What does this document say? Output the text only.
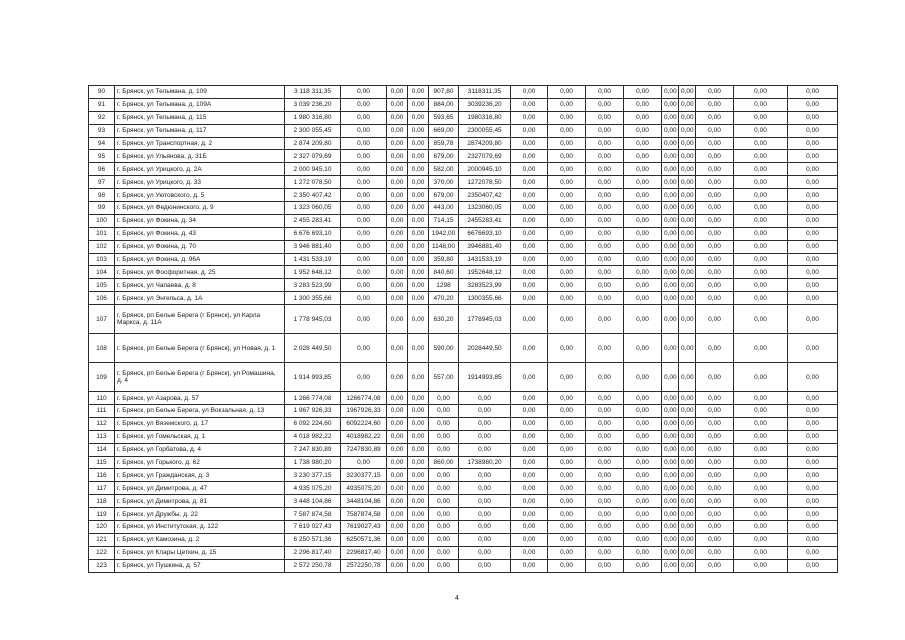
90	г. Брянск, ул Тельмана, д. 109	3 118 311,35	0,00	0,00	0,00	907,80	3118311,35	0,00	0,00	0,00	0,00	0,00	0,00	0,00	0,00	0,00
91	г. Брянск, ул Тельмана, д. 109А	3 039 236,20	0,00	0,00	0,00	884,00	3039236,20	0,00	0,00	0,00	0,00	0,00	0,00	0,00	0,00	0,00
92	г. Брянск, ул Тельмана, д. 115	1 980 316,80	0,00	0,00	0,00	593,65	1980316,80	0,00	0,00	0,00	0,00	0,00	0,00	0,00	0,00	0,00
93	г. Брянск, ул Тельмана, д. 117	2 300 055,45	0,00	0,00	0,00	669,00	2300055,45	0,00	0,00	0,00	0,00	0,00	0,00	0,00	0,00	0,00
94	г. Брянск, ул Транспортная, д. 2	2 874 209,80	0,00	0,00	0,00	859,78	2874209,80	0,00	0,00	0,00	0,00	0,00	0,00	0,00	0,00	0,00
95	г. Брянск, ул Ульянова, д. 31Б	2 327 079,69	0,00	0,00	0,00	679,00	2327079,69	0,00	0,00	0,00	0,00	0,00	0,00	0,00	0,00	0,00
96	г. Брянск, ул Урицкого, д. 2А	2 000 945,10	0,00	0,00	0,00	582,00	2000945,10	0,00	0,00	0,00	0,00	0,00	0,00	0,00	0,00	0,00
97	г. Брянск, ул Урицкого, д. 33	1 272 078,50	0,00	0,00	0,00	370,00	1272078,50	0,00	0,00	0,00	0,00	0,00	0,00	0,00	0,00	0,00
98	г. Брянск, ул Уютовского, д. 5	2 350 407,42	0,00	0,00	0,00	679,00	2350407,42	0,00	0,00	0,00	0,00	0,00	0,00	0,00	0,00	0,00
99	г. Брянск, ул Федюнинского, д. 9	1 323 060,05	0,00	0,00	0,00	443,00	1323060,05	0,00	0,00	0,00	0,00	0,00	0,00	0,00	0,00	0,00
100	г. Брянск, ул Фокина, д. 34	2 455 283,41	0,00	0,00	0,00	714,15	2455283,41	0,00	0,00	0,00	0,00	0,00	0,00	0,00	0,00	0,00
101	г. Брянск, ул Фокина, д. 43	6 676 693,10	0,00	0,00	0,00	1942,00	6676693,10	0,00	0,00	0,00	0,00	0,00	0,00	0,00	0,00	0,00
102	г. Брянск, ул Фокина, д. 70	3 946 881,40	0,00	0,00	0,00	1148,00	3946881,40	0,00	0,00	0,00	0,00	0,00	0,00	0,00	0,00	0,00
103	г. Брянск, ул Фокина, д. 96А	1 431 533,19	0,00	0,00	0,00	359,80	1431533,19	0,00	0,00	0,00	0,00	0,00	0,00	0,00	0,00	0,00
104	г. Брянск, ул Фосфоритная, д. 25	1 952 648,12	0,00	0,00	0,00	840,60	1952648,12	0,00	0,00	0,00	0,00	0,00	0,00	0,00	0,00	0,00
105	г. Брянск, ул Чапаева, д. 8	3 283 523,99	0,00	0,00	0,00	1298	3283523,99	0,00	0,00	0,00	0,00	0,00	0,00	0,00	0,00	0,00
106	г. Брянск, ул Энгельса, д. 1А	1 300 355,66	0,00	0,00	0,00	470,20	1300355,66	0,00	0,00	0,00	0,00	0,00	0,00	0,00	0,00	0,00
107	г. Брянск, рп Белые Берега (г Брянск), ул Карла Маркса, д. 11А	1 778 945,03	0,00	0,00	0,00	630,20	1778945,03	0,00	0,00	0,00	0,00	0,00	0,00	0,00	0,00	0,00
108	г. Брянск, рп Белые Берега (г Брянск), ул Новая, д. 1	2 028 449,50	0,00	0,00	0,00	590,00	2028449,50	0,00	0,00	0,00	0,00	0,00	0,00	0,00	0,00	0,00
109	г. Брянск, рп Белые Берега (г Брянск), ул Ромашина, д. 4	1 914 993,85	0,00	0,00	0,00	557,00	1914993,85	0,00	0,00	0,00	0,00	0,00	0,00	0,00	0,00	0,00
110	г. Брянск, ул Азарова, д. 57	1 266 774,08	1266774,08	0,00	0,00	0,00	0,00	0,00	0,00	0,00	0,00	0,00	0,00	0,00	0,00	0,00
111	г. Брянск, рп Белые Берега, ул Вокзальная, д. 13	1 967 926,33	1967926,33	0,00	0,00	0,00	0,00	0,00	0,00	0,00	0,00	0,00	0,00	0,00	0,00	0,00
112	г. Брянск, ул Вяземского, д. 17	6 092 224,60	6092224,60	0,00	0,00	0,00	0,00	0,00	0,00	0,00	0,00	0,00	0,00	0,00	0,00	0,00
113	г. Брянск, ул Гомельская, д. 1	4 018 982,22	4018982,22	0,00	0,00	0,00	0,00	0,00	0,00	0,00	0,00	0,00	0,00	0,00	0,00	0,00
114	г. Брянск, ул Горбатова, д. 4	7 247 830,89	7247830,89	0,00	0,00	0,00	0,00	0,00	0,00	0,00	0,00	0,00	0,00	0,00	0,00	0,00
115	г. Брянск, ул Горького, д. 62	1 738 980,20	0,00	0,00	0,00	860,00	1738980,20	0,00	0,00	0,00	0,00	0,00	0,00	0,00	0,00	0,00
116	г. Брянск, ул Гражданская, д. 3	3 230 377,15	3230377,15	0,00	0,00	0,00	0,00	0,00	0,00	0,00	0,00	0,00	0,00	0,00	0,00	0,00
117	г. Брянск, ул Димитрова, д. 47	4 935 075,20	4935075,20	0,00	0,00	0,00	0,00	0,00	0,00	0,00	0,00	0,00	0,00	0,00	0,00	0,00
118	г. Брянск, ул Димитрова, д. 81	3 448 104,86	3448104,86	0,00	0,00	0,00	0,00	0,00	0,00	0,00	0,00	0,00	0,00	0,00	0,00	0,00
119	г. Брянск, ул Дружбы, д. 22	7 587 874,58	7587874,58	0,00	0,00	0,00	0,00	0,00	0,00	0,00	0,00	0,00	0,00	0,00	0,00	0,00
120	г. Брянск, ул Институтская, д. 122	7 619 027,43	7619027,43	0,00	0,00	0,00	0,00	0,00	0,00	0,00	0,00	0,00	0,00	0,00	0,00	0,00
121	г. Брянск, ул Камозина, д. 2	6 250 571,36	6250571,36	0,00	0,00	0,00	0,00	0,00	0,00	0,00	0,00	0,00	0,00	0,00	0,00	0,00
122	г. Брянск, ул Клары Цеткин, д. 15	2 296 817,40	2296817,40	0,00	0,00	0,00	0,00	0,00	0,00	0,00	0,00	0,00	0,00	0,00	0,00	0,00
123	г. Брянск, ул Пушкина, д. 57	2 572 250,78	2572250,78	0,00	0,00	0,00	0,00	0,00	0,00	0,00	0,00	0,00	0,00	0,00	0,00	0,00
4
